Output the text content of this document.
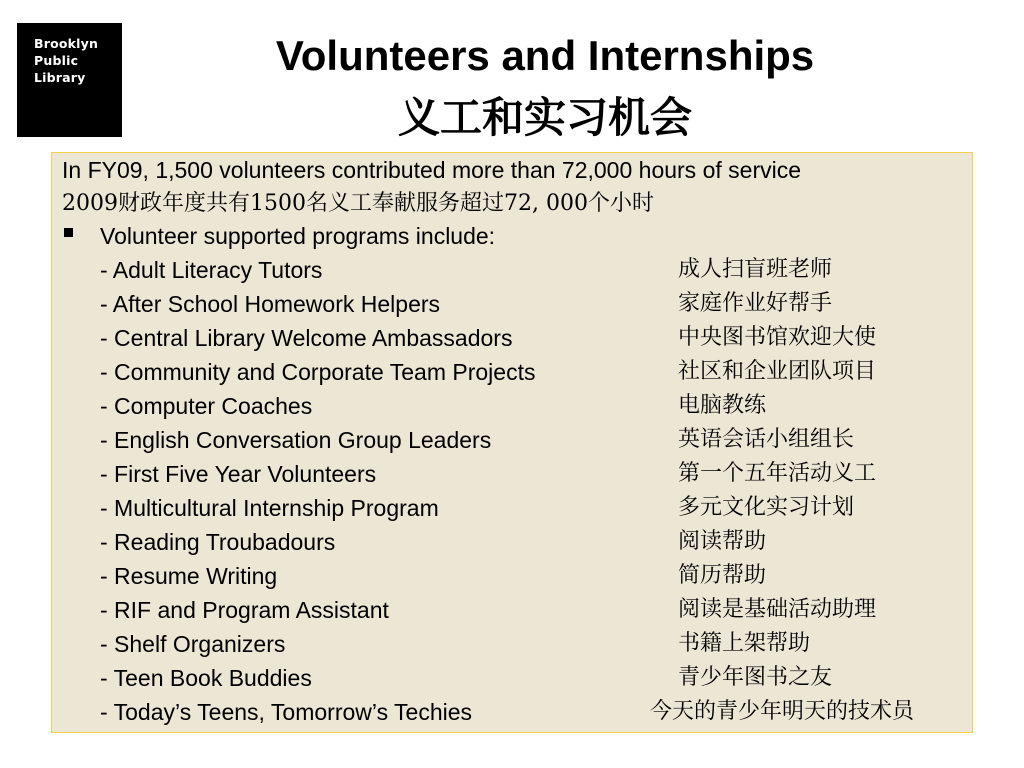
Brooklyn
Public
Library	Volunteers and Internships
义工和实习机会
In FY09, 1,500 volunteers contributed more than 72,000 hours of service
2009财政年度共有1500名义工奉献服务超过72, 000个小时
Volunteer supported programs include:
- Adult Literacy Tutors	成人扫盲班老师
- After School Homework Helpers	家庭作业好帮手
- Central Library Welcome Ambassadors	中央图书馆欢迎大使
- Community and Corporate Team Projects	社区和企业团队项目
- Computer Coaches	电脑教练
- English Conversation Group Leaders	英语会话小组组长
- First Five Year Volunteers	第一个五年活动义工
- Multicultural Internship Program	多元文化实习计划
- Reading Troubadours	阅读帮助
- Resume Writing	简历帮助
- RIF and Program Assistant	阅读是基础活动助理
- Shelf Organizers	书籍上架帮助
- Teen Book Buddies	青少年图书之友
- Today’s Teens, Tomorrow’s Techies	今天的青少年明天的技术员
